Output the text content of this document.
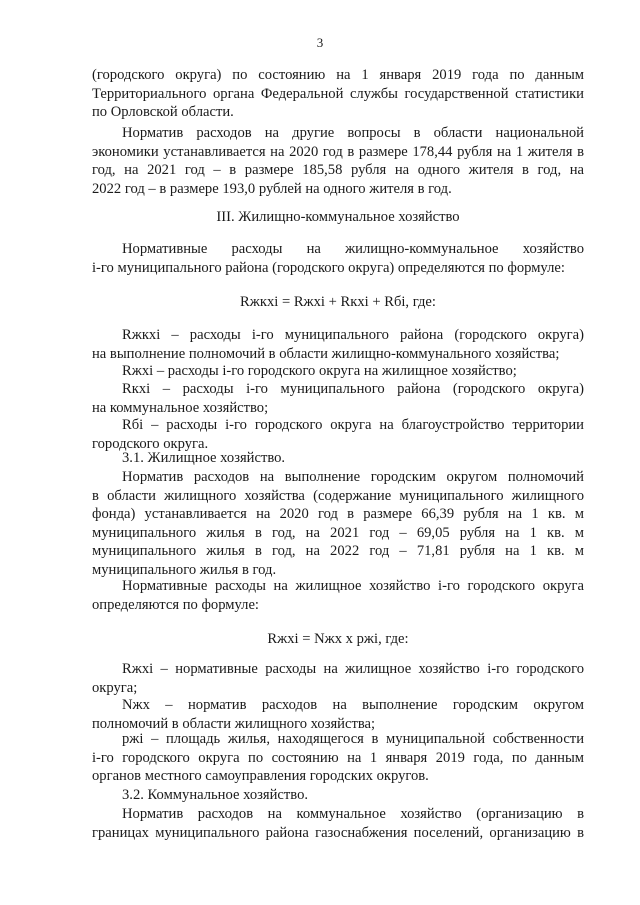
3

(городского округа) по состоянию на 1 января 2019 года по данным

Территориального органа Федеральной службы государственной статистики

по Орловской области.

Норматив расходов на другие вопросы в области национальной

экономики устанавливается на 2020 год в размере 178,44 рубля на 1 жителя в

год, на 2021 год – в размере 185,58 рубля на одного жителя в год, на

2022 год – в размере 193,0 рублей на одного жителя в год.

III. Жилищно-коммунальное хозяйство

Нормативные расходы на жилищно-коммунальное хозяйство

i-го муниципального района (городского округа) определяются по формуле:

Rжкхi = Rжхi + Rкхi + Rбi, где:

Rжкхi – расходы i-го муниципального района (городского округа)

на выполнение полномочий в области жилищно-коммунального хозяйства;

Rжхi – расходы i-го городского округа на жилищное хозяйство;

Rкхi – расходы i-го муниципального района (городского округа)

на коммунальное хозяйство;

Rбi – расходы i-го городского округа на благоустройство территории

городского округа.

3.1. Жилищное хозяйство.

Норматив расходов на выполнение городским округом полномочий

в области жилищного хозяйства (содержание муниципального жилищного

фонда) устанавливается на 2020 год в размере 66,39 рубля на 1 кв. м

муниципального жилья в год, на 2021 год – 69,05 рубля на 1 кв. м

муниципального жилья в год, на 2022 год – 71,81 рубля на 1 кв. м

муниципального жилья в год.

Нормативные расходы на жилищное хозяйство i-го городского округа

определяются по формуле:

Rжхi = Nжх x ржi, где:

Rжхi – нормативные расходы на жилищное хозяйство i-го городского

округа;

Nжх – норматив расходов на выполнение городским округом

полномочий в области жилищного хозяйства;

ржi – площадь жилья, находящегося в муниципальной собственности

i-го городского округа по состоянию на 1 января 2019 года, по данным

органов местного самоуправления городских округов.

3.2. Коммунальное хозяйство.

Норматив расходов на коммунальное хозяйство (организацию в

границах муниципального района газоснабжения поселений, организацию в
